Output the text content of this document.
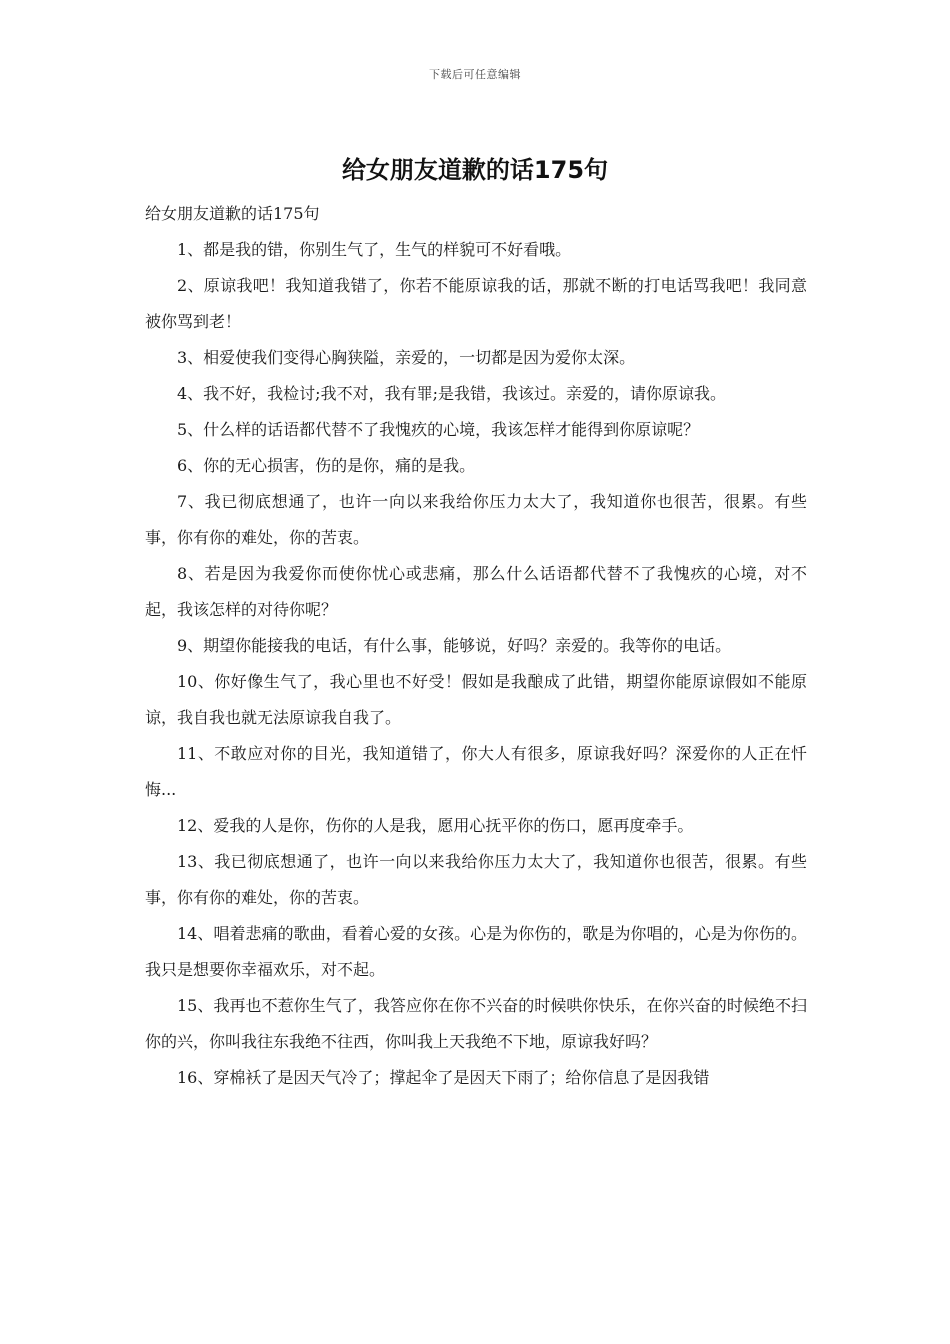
下载后可任意编辑
给女朋友道歉的话175句

给女朋友道歉的话175句

1、都是我的错，你别生气了，生气的样貌可不好看哦。

2、原谅我吧！我知道我错了，你若不能原谅我的话，那就不断的打电话骂我吧！我同意被你骂到老！

3、相爱使我们变得心胸狭隘，亲爱的，一切都是因为爱你太深。

4、我不好，我检讨;我不对，我有罪;是我错，我该过。亲爱的，请你原谅我。

5、什么样的话语都代替不了我愧疚的心境，我该怎样才能得到你原谅呢？

6、你的无心损害，伤的是你，痛的是我。

7、我已彻底想通了，也许一向以来我给你压力太大了，我知道你也很苦，很累。有些事，你有你的难处，你的苦衷。

8、若是因为我爱你而使你忧心或悲痛，那么什么话语都代替不了我愧疚的心境，对不起，我该怎样的对待你呢？

9、期望你能接我的电话，有什么事，能够说，好吗？亲爱的。我等你的电话。

10、你好像生气了，我心里也不好受！假如是我酿成了此错，期望你能原谅假如不能原谅，我自我也就无法原谅我自我了。

11、不敢应对你的目光，我知道错了，你大人有很多，原谅我好吗？深爱你的人正在忏悔...

12、爱我的人是你，伤你的人是我，愿用心抚平你的伤口，愿再度牵手。

13、我已彻底想通了，也许一向以来我给你压力太大了，我知道你也很苦，很累。有些事，你有你的难处，你的苦衷。

14、唱着悲痛的歌曲，看着心爱的女孩。心是为你伤的，歌是为你唱的，心是为你伤的。我只是想要你幸福欢乐，对不起。

15、我再也不惹你生气了，我答应你在你不兴奋的时候哄你快乐，在你兴奋的时候绝不扫你的兴，你叫我往东我绝不往西，你叫我上天我绝不下地，原谅我好吗？

16、穿棉袄了是因天气冷了；撑起伞了是因天下雨了；给你信息了是因我错
